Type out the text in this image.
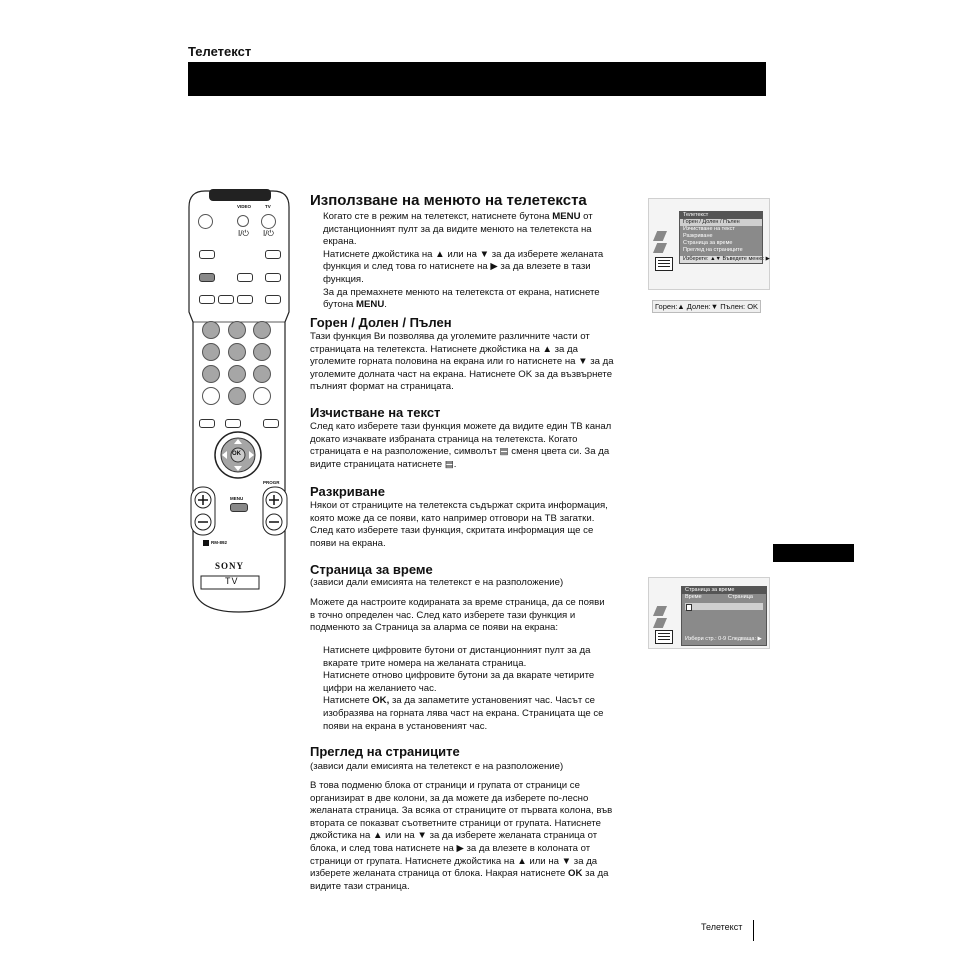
Телетекст
VIDEO	TV
I/⏻ I/⏻
OK
PROGR
MENU
RM-892
SONY
TV
Използване на менюто на телетекста
Когато сте в режим на телетекст, натиснете бутона MENU от
дистанционният пулт за да видите менюто на телетекста на
екрана.
Натиснете джойстика на ▲ или на ▼ за да изберете желаната
функция и след това го натиснете на ▶ за да влезете в тази
функция.
За да премахнете менюто на телетекста от екрана, натиснете
бутона MENU.
Горен / Долен / Пълен
Тази функция Ви позволява да уголемите различните части от
страницата на телетекста. Натиснете джойстика на ▲ за да
уголемите горната половина на екрана или го натиснете на ▼ за да
уголемите долната част на екрана. Натиснете OK за да възвърнете
пълният формат на страницата.
Изчистване на текст
След като изберете тази функция можете да видите един ТВ канал
докато изчаквате избраната страница на телетекста. Когато
страницата е на разположение, символът ▤ сменя цвета си. За да
видите страницата натиснете ▤.
Разкриване
Някои от страниците на телетекста съдържат скрита информация,
която може да се появи, като например отговори на ТВ загатки.
След като изберете тази функция, скритата информация ще се
появи на екрана.
Страница за време
(зависи дали емисията на телетекст е на разположение)
Можете да настроите кодираната за време страница, да се появи
в точно определен час. След като изберете тази функция и
подменюто за Страница за аларма се появи на екрана:
Натиснете цифровите бутони от дистанционният пулт за да
вкарате трите номера на желаната страница.
Натиснете отново цифровите бутони за да вкарате четирите
цифри на желанието час.
Натиснете OK, за да запаметите установеният час. Часът се
изобразява на горната лява част на екрана. Страницата ще се
появи на екрана в установеният час.
Преглед на страниците
(зависи дали емисията на телетекст е на разположение)
В това подменю блока от страници и групата от страници се
организират в две колони, за да можете да изберете по-лесно
желаната страница. За всяка от страниците от първата колона, във
втората се показват съответните страници от групата. Натиснете
джойстика на ▲ или на ▼ за да изберете желаната страница от
блока, и след това натиснете на ▶ за да влезете в колоната от
страници от групата. Натиснете джойстика на ▲ или на ▼ за да
изберете желаната страница от блока. Накрая натиснете OK за да
видите тази страница.
Телетекст
Горен / Долен / Пълен
Изчистване на текст
Разкриване
Страница за време
Преглед на страниците
Изберете: ▲▼ Въведете меню: ▶
Горен:▲ Долен:▼ Пълен: OK
Страница за време
Време	Страница
Избери стр.: 0-9 Следваща: ▶
Телетекст
